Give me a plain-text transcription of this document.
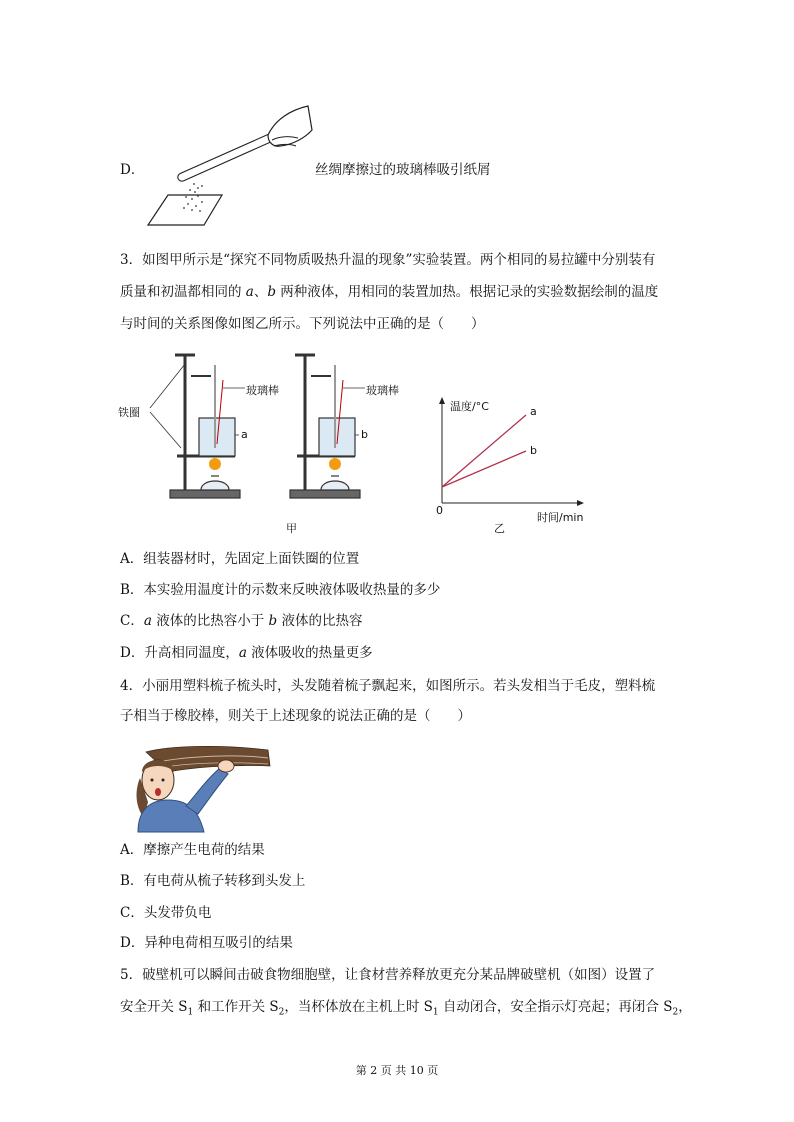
D．	丝绸摩擦过的玻璃棒吸引纸屑
3．如图甲所示是“探究不同物质吸热升温的现象”实验装置。两个相同的易拉罐中分别装有
质量和初温都相同的 a、b 两种液体，用相同的装置加热。根据记录的实验数据绘制的温度
与时间的关系图像如图乙所示。下列说法中正确的是（　　）
铁圈
玻璃棒	玻璃棒
a	b
甲
温度/°C	a
b
0
时间/min
乙
A．组装器材时，先固定上面铁圈的位置
B．本实验用温度计的示数来反映液体吸收热量的多少
C．a 液体的比热容小于 b 液体的比热容
D．升高相同温度，a 液体吸收的热量更多
4．小丽用塑料梳子梳头时，头发随着梳子飘起来，如图所示。若头发相当于毛皮，塑料梳
子相当于橡胶棒，则关于上述现象的说法正确的是（　　）
A．摩擦产生电荷的结果
B．有电荷从梳子转移到头发上
C．头发带负电
D．异种电荷相互吸引的结果
5．破壁机可以瞬间击破食物细胞壁，让食材营养释放更充分某品牌破壁机（如图）设置了
安全开关 $S_1$ 和工作开关 $S_2$，当杯体放在主机上时 $S_1$ 自动闭合，安全指示灯亮起；再闭合 $S_2$，
第 2 页 共 10 页
